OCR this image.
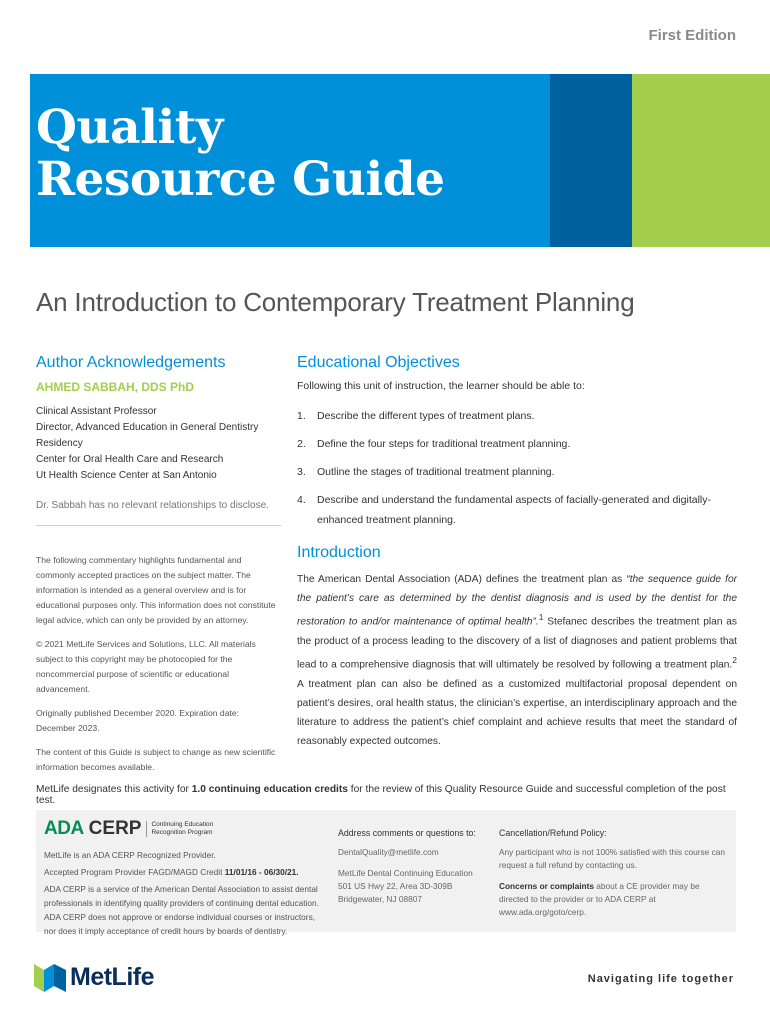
First Edition
Quality
Resource Guide
An Introduction to Contemporary Treatment Planning
Author Acknowledgements
AHMED SABBAH, DDS PhD
Clinical Assistant Professor
Director, Advanced Education in General Dentistry
Residency
Center for Oral Health Care and Research
Ut Health Science Center at San Antonio
Dr. Sabbah has no relevant relationships to disclose.

The following commentary highlights fundamental and commonly accepted practices on the subject matter. The information is intended as a general overview and is for educational purposes only. This information does not constitute legal advice, which can only be provided by an attorney.

© 2021 MetLife Services and Solutions, LLC. All materials subject to this copyright may be photocopied for the noncommercial purpose of scientific or educational advancement.

Originally published December 2020. Expiration date: December 2023.

The content of this Guide is subject to change as new scientific information becomes available.

Educational Objectives
Following this unit of instruction, the learner should be able to:
1.	Describe the different types of treatment plans.
2.	Define the four steps for traditional treatment planning.
3.	Outline the stages of traditional treatment planning.
4.	Describe and understand the fundamental aspects of facially-generated and digitally-enhanced treatment planning.
Introduction

The American Dental Association (ADA) defines the treatment plan as “the sequence guide for the patient’s care as determined by the dentist diagnosis and is used by the dentist for the restoration to and/or maintenance of optimal health”.$^1$ Stefanec describes the treatment plan as the product of a process leading to the discovery of a list of diagnoses and patient problems that lead to a comprehensive diagnosis that will ultimately be resolved by following a treatment plan.$^2$ A treatment plan can also be defined as a customized multifactorial proposal dependent on patient’s desires, oral health status, the clinician’s expertise, an interdisciplinary approach and the literature to address the patient’s chief complaint and achieve results that meet the standard of reasonably expected outcomes.

MetLife designates this activity for 1.0 continuing education credits for the review of this Quality Resource Guide and successful completion of the post test.
ADA CERP Continuing Education
Recognition Program

MetLife is an ADA CERP Recognized Provider.

Accepted Program Provider FAGD/MAGD Credit 11/01/16 - 06/30/21.

ADA CERP is a service of the American Dental Association to assist dental professionals in identifying quality providers of continuing dental education. ADA CERP does not approve or endorse individual courses or instructors, nor does it imply acceptance of credit hours by boards of dentistry.

Address comments or questions to:

DentalQuality@metlife.com

MetLife Dental Continuing Education 501 US Hwy 22, Area 3D-309B Bridgewater, NJ 08807

Cancellation/Refund Policy:

Any participant who is not 100% satisfied with this course can request a full refund by contacting us.

Concerns or complaints about a CE provider may be directed to the provider or to ADA CERP at www.ada.org/goto/cerp.

MetLife	Navigating life together
